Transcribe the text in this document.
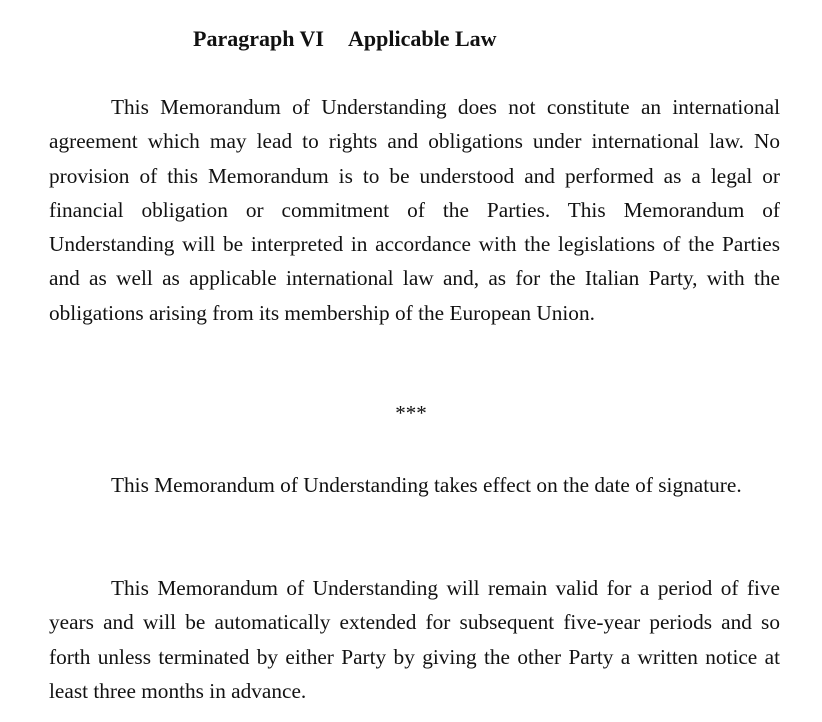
Paragraph VI Applicable Law

This Memorandum of Understanding does not constitute an international agreement which may lead to rights and obligations under international law. No provision of this Memorandum is to be understood and performed as a legal or financial obligation or commitment of the Parties. This Memorandum of Understanding will be interpreted in accordance with the legislations of the Parties and as well as applicable international law and, as for the Italian Party, with the obligations arising from its membership of the European Union.

***

This Memorandum of Understanding takes effect on the date of signature.

This Memorandum of Understanding will remain valid for a period of five years and will be automatically extended for subsequent five-year periods and so forth unless terminated by either Party by giving the other Party a written notice at least three months in advance.
